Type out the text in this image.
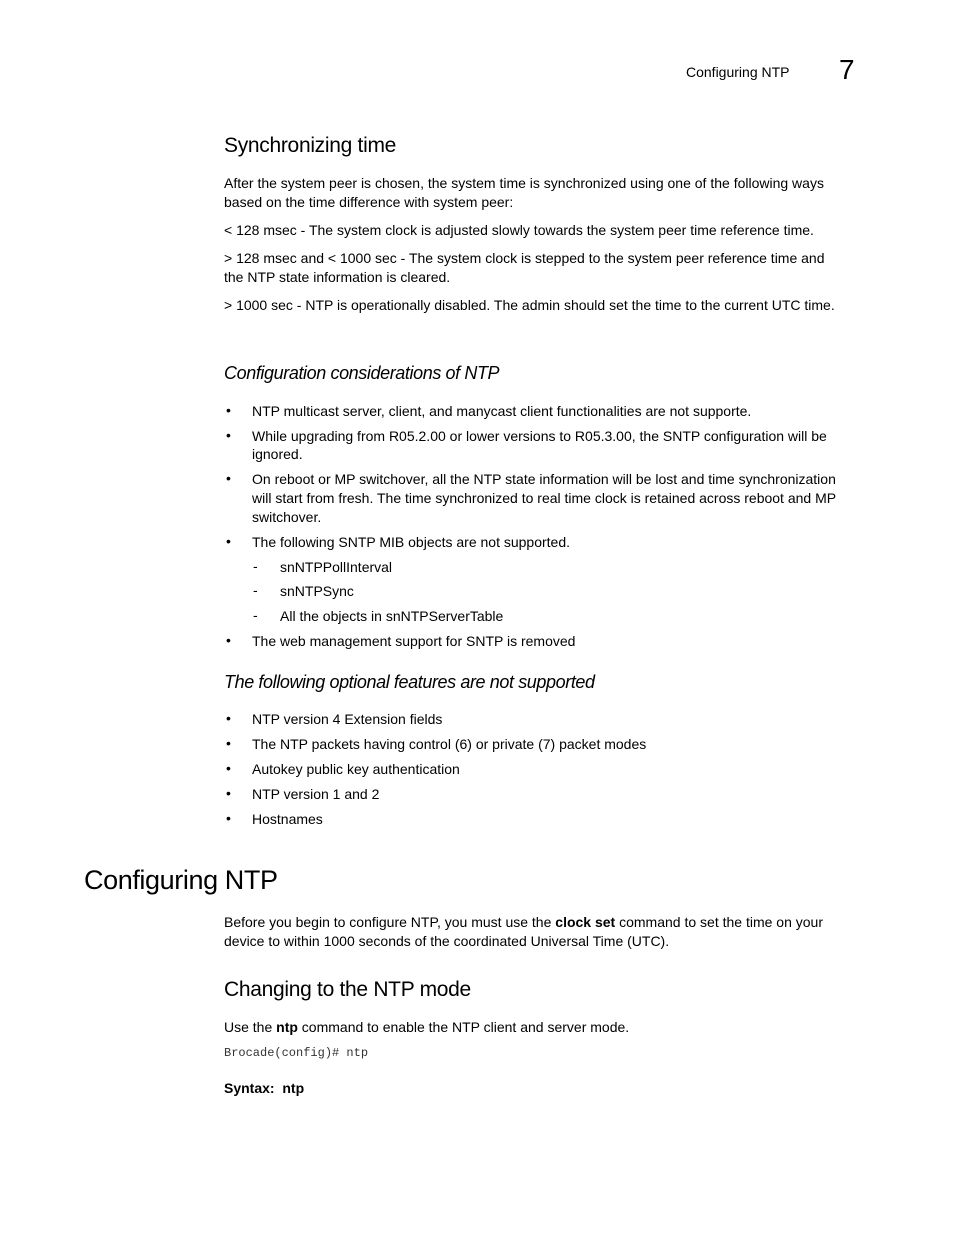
Configuring NTP 7
Synchronizing time
After the system peer is chosen, the system time is synchronized using one of the following ways
based on the time difference with system peer:
< 128 msec - The system clock is adjusted slowly towards the system peer time reference time.
> 128 msec and < 1000 sec - The system clock is stepped to the system peer reference time and
the NTP state information is cleared.
> 1000 sec - NTP is operationally disabled. The admin should set the time to the current UTC time.
Configuration considerations of NTP
• NTP multicast server, client, and manycast client functionalities are not supporte.
• While upgrading from R05.2.00 or lower versions to R05.3.00, the SNTP configuration will be
ignored.
• On reboot or MP switchover, all the NTP state information will be lost and time synchronization
will start from fresh. The time synchronized to real time clock is retained across reboot and MP
switchover.
• The following SNTP MIB objects are not supported.
- snNTPPollInterval
- snNTPSync
- All the objects in snNTPServerTable
• The web management support for SNTP is removed
The following optional features are not supported
• NTP version 4 Extension fields
• The NTP packets having control (6) or private (7) packet modes
• Autokey public key authentication
• NTP version 1 and 2
• Hostnames
Configuring NTP
Before you begin to configure NTP, you must use the clock set command to set the time on your
device to within 1000 seconds of the coordinated Universal Time (UTC).
Changing to the NTP mode
Use the ntp command to enable the NTP client and server mode.
Brocade(config)# ntp
Syntax: ntp
